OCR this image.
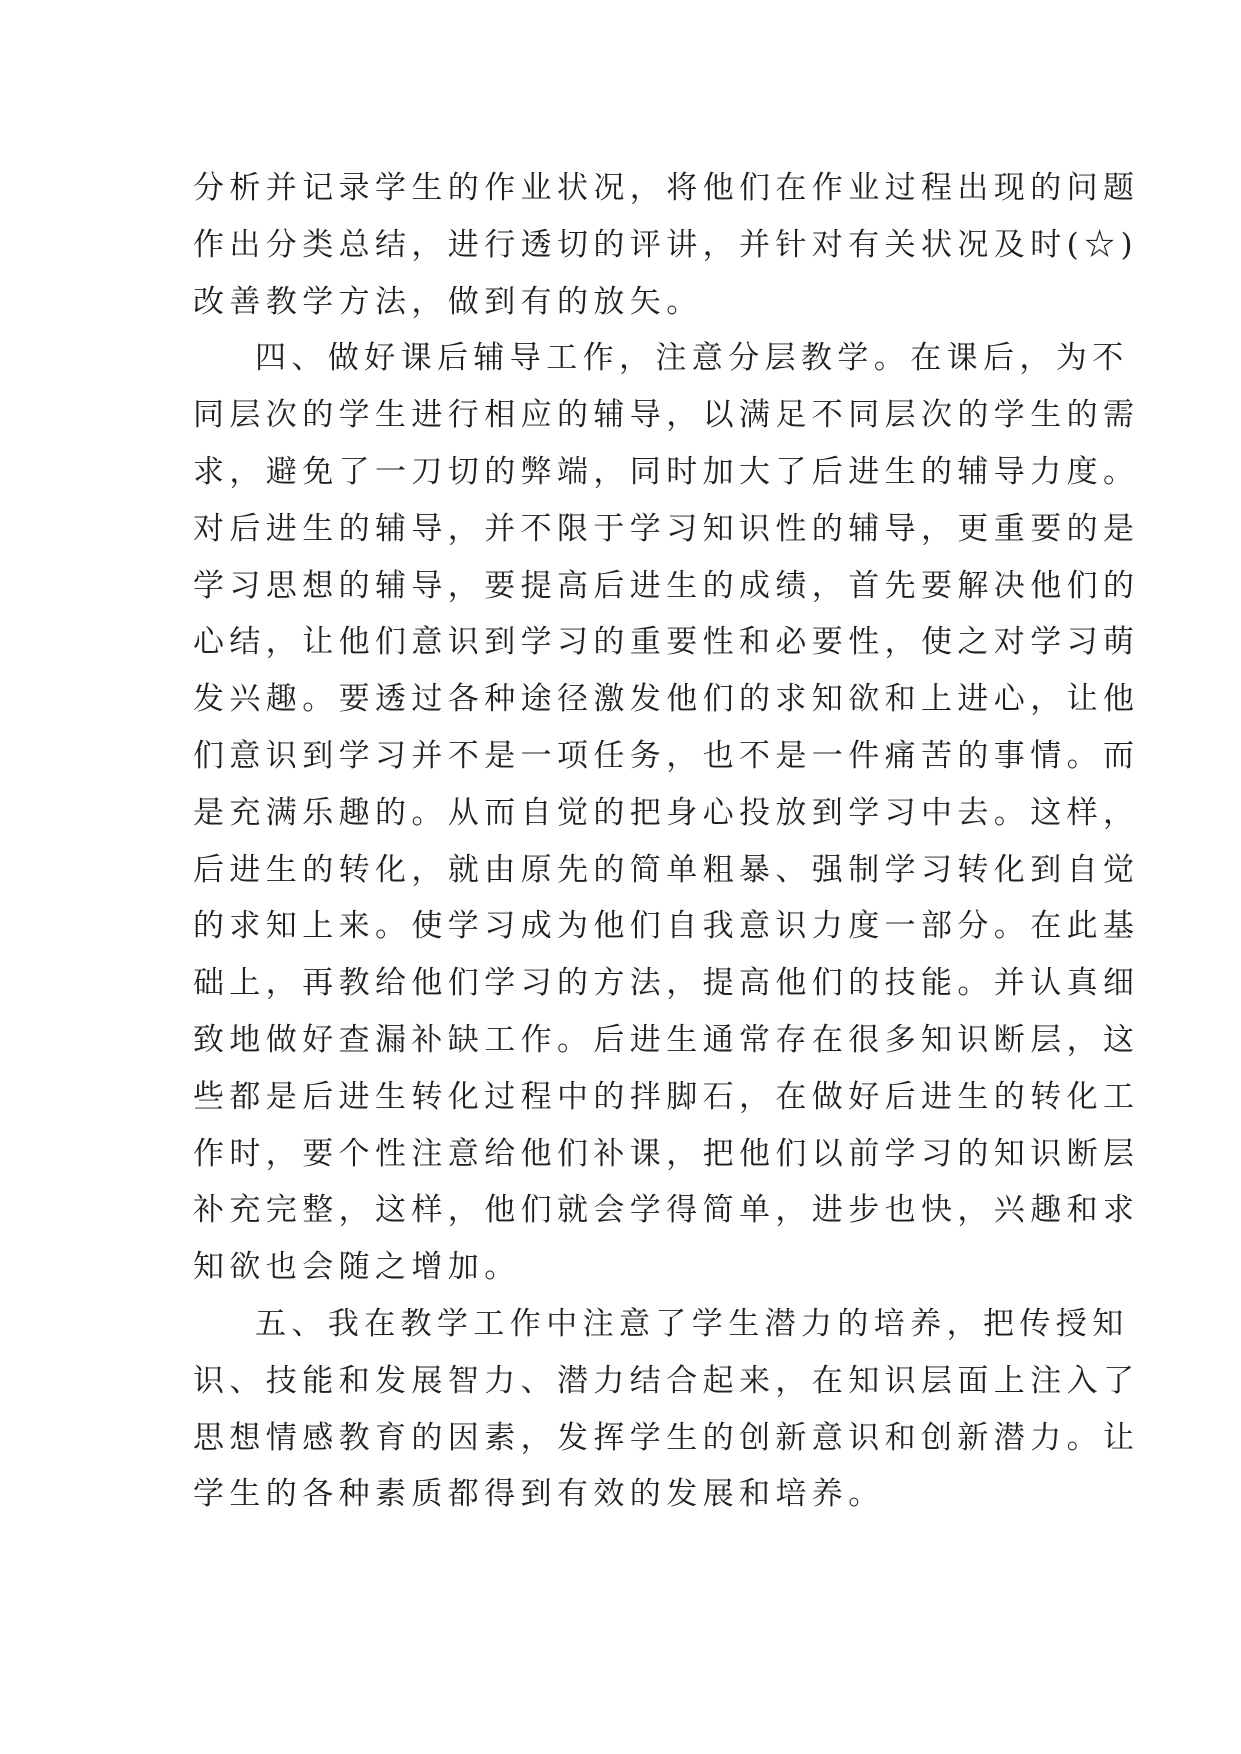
分析并记录学生的作业状况，将他们在作业过程出现的问题
作出分类总结，进行透切的评讲，并针对有关状况及时(☆)
改善教学方法，做到有的放矢。
四、做好课后辅导工作，注意分层教学。在课后，为不
同层次的学生进行相应的辅导，以满足不同层次的学生的需
求，避免了一刀切的弊端，同时加大了后进生的辅导力度。
对后进生的辅导，并不限于学习知识性的辅导，更重要的是
学习思想的辅导，要提高后进生的成绩，首先要解决他们的
心结，让他们意识到学习的重要性和必要性，使之对学习萌
发兴趣。要透过各种途径激发他们的求知欲和上进心，让他
们意识到学习并不是一项任务，也不是一件痛苦的事情。而
是充满乐趣的。从而自觉的把身心投放到学习中去。这样，
后进生的转化，就由原先的简单粗暴、强制学习转化到自觉
的求知上来。使学习成为他们自我意识力度一部分。在此基
础上，再教给他们学习的方法，提高他们的技能。并认真细
致地做好查漏补缺工作。后进生通常存在很多知识断层，这
些都是后进生转化过程中的拌脚石，在做好后进生的转化工
作时，要个性注意给他们补课，把他们以前学习的知识断层
补充完整，这样，他们就会学得简单，进步也快，兴趣和求
知欲也会随之增加。
五、我在教学工作中注意了学生潜力的培养，把传授知
识、技能和发展智力、潜力结合起来，在知识层面上注入了
思想情感教育的因素，发挥学生的创新意识和创新潜力。让
学生的各种素质都得到有效的发展和培养。
